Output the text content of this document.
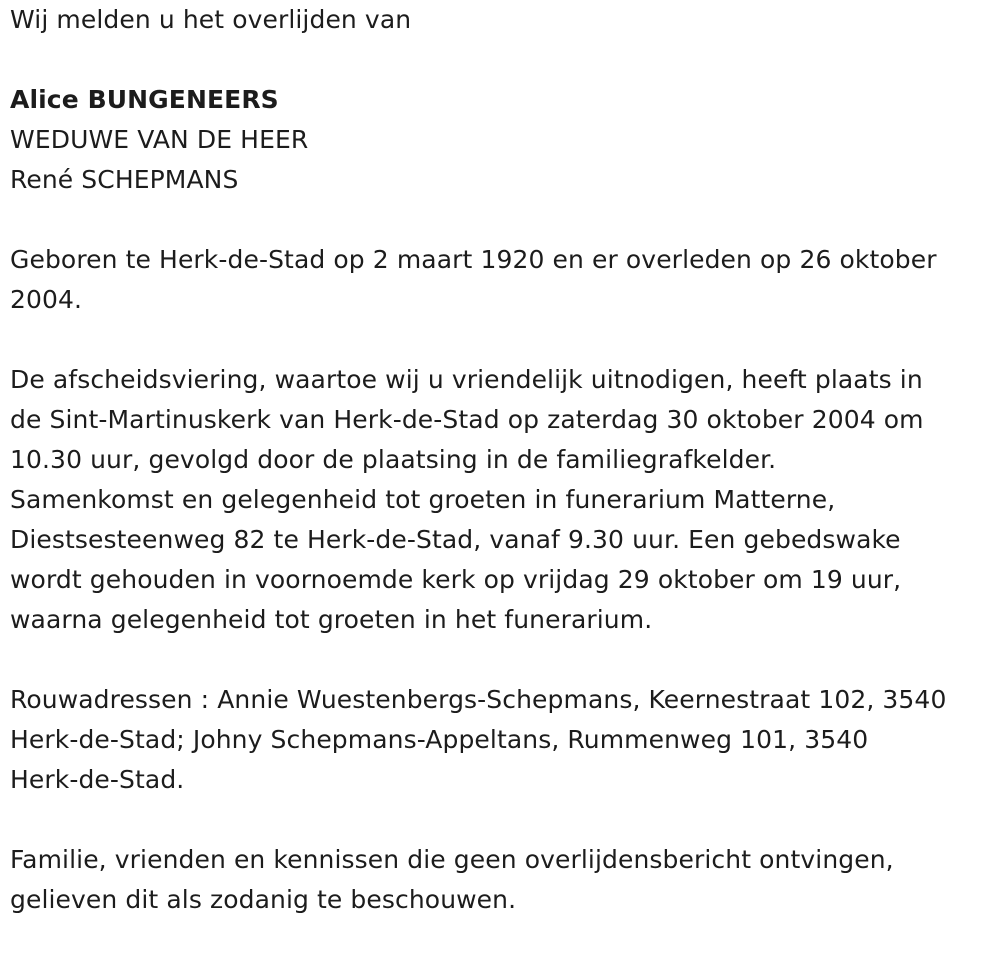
Wij melden u het overlijden van
Alice BUNGENEERS
WEDUWE VAN DE HEER
René SCHEPMANS
Geboren te Herk-de-Stad op 2 maart 1920 en er overleden op 26 oktober
2004.
De afscheidsviering, waartoe wij u vriendelijk uitnodigen, heeft plaats in
de Sint-Martinuskerk van Herk-de-Stad op zaterdag 30 oktober 2004 om
10.30 uur, gevolgd door de plaatsing in de familiegrafkelder.
Samenkomst en gelegenheid tot groeten in funerarium Matterne,
Diestsesteenweg 82 te Herk-de-Stad, vanaf 9.30 uur. Een gebedswake
wordt gehouden in voornoemde kerk op vrijdag 29 oktober om 19 uur,
waarna gelegenheid tot groeten in het funerarium.
Rouwadressen : Annie Wuestenbergs-Schepmans, Keernestraat 102, 3540
Herk-de-Stad; Johny Schepmans-Appeltans, Rummenweg 101, 3540
Herk-de-Stad.
Familie, vrienden en kennissen die geen overlijdensbericht ontvingen,
gelieven dit als zodanig te beschouwen.
